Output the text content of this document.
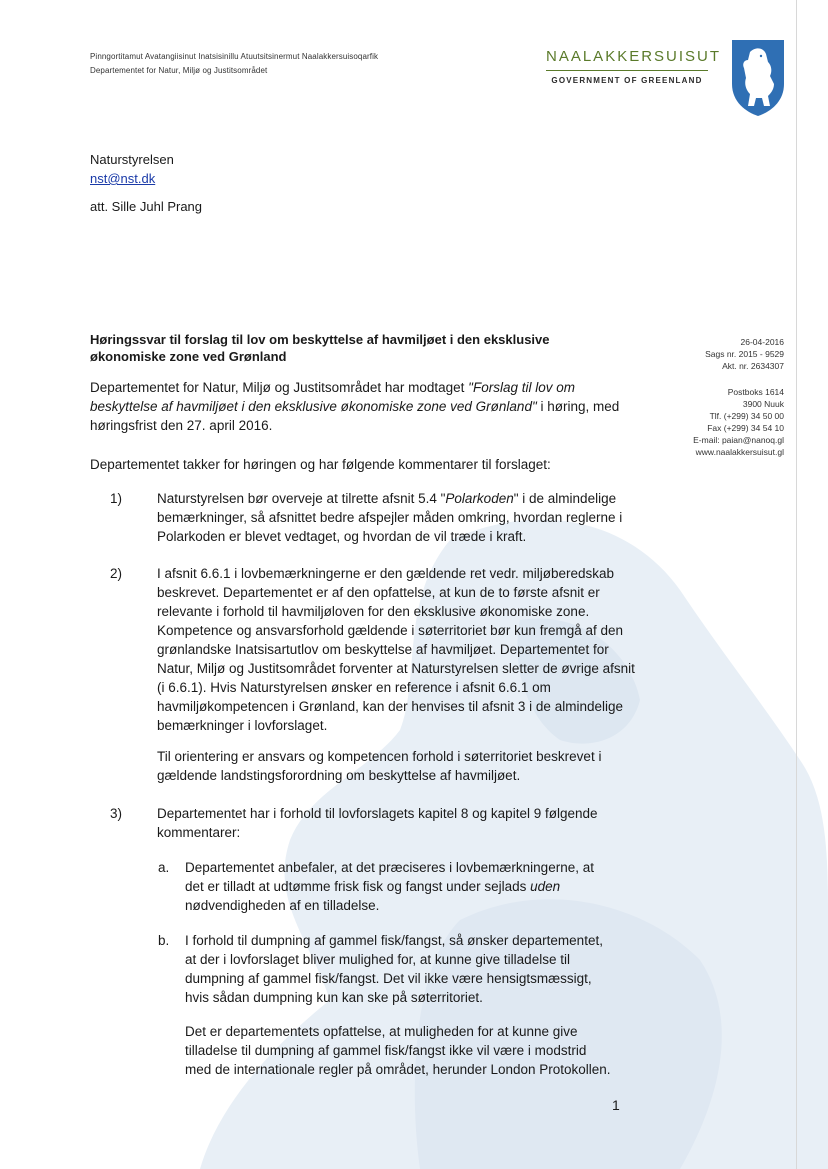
Pinngortitamut Avatangiisinut Inatsisinillu Atuutsitsinermut Naalakkersuisoqarfik
Departementet for Natur, Miljø og Justitsområdet
NAALAKKERSUISUT
GOVERNMENT OF GREENLAND
Naturstyrelsen
nst@nst.dk
att. Sille Juhl Prang
Høringssvar til forslag til lov om beskyttelse af havmiljøet i den eksklusive økonomiske zone ved Grønland
26-04-2016
Sags nr. 2015 - 9529
Akt. nr. 2634307
Postboks 1614
3900 Nuuk
Tlf. (+299) 34 50 00
Fax (+299) 34 54 10
E-mail: paian@nanoq.gl
www.naalakkersuisut.gl

Departementet for Natur, Miljø og Justitsområdet har modtaget "Forslag til lov om beskyttelse af havmiljøet i den eksklusive økonomiske zone ved Grønland" i høring, med høringsfrist den 27. april 2016.

Departementet takker for høringen og har følgende kommentarer til forslaget:

1)	Naturstyrelsen bør overveje at tilrette afsnit 5.4 "Polarkoden" i de almindelige bemærkninger, så afsnittet bedre afspejler måden omkring, hvordan reglerne i Polarkoden er blevet vedtaget, og hvordan de vil træde i kraft.

2)	I afsnit 6.6.1 i lovbemærkningerne er den gældende ret vedr. miljøberedskab beskrevet. Departementet er af den opfattelse, at kun de to første afsnit er relevante i forhold til havmiljøloven for den eksklusive økonomiske zone. Kompetence og ansvarsforhold gældende i søterritoriet bør kun fremgå af den grønlandske Inatsisartutlov om beskyttelse af havmiljøet. Departementet for Natur, Miljø og Justitsområdet forventer at Naturstyrelsen sletter de øvrige afsnit (i 6.6.1). Hvis Naturstyrelsen ønsker en reference i afsnit 6.6.1 om havmiljøkompetencen i Grønland, kan der henvises til afsnit 3 i de almindelige bemærkninger i lovforslaget.

Til orientering er ansvars og kompetencen forhold i søterritoriet beskrevet i gældende landstingsforordning om beskyttelse af havmiljøet.

3)	Departementet har i forhold til lovforslagets kapitel 8 og kapitel 9 følgende kommentarer:

a.	Departementet anbefaler, at det præciseres i lovbemærkningerne, at det er tilladt at udtømme frisk fisk og fangst under sejlads uden nødvendigheden af en tilladelse.

b.	I forhold til dumpning af gammel fisk/fangst, så ønsker departementet, at der i lovforslaget bliver mulighed for, at kunne give tilladelse til dumpning af gammel fisk/fangst. Det vil ikke være hensigtsmæssigt, hvis sådan dumpning kun kan ske på søterritoriet.

Det er departementets opfattelse, at muligheden for at kunne give tilladelse til dumpning af gammel fisk/fangst ikke vil være i modstrid med de internationale regler på området, herunder London Protokollen.

1
